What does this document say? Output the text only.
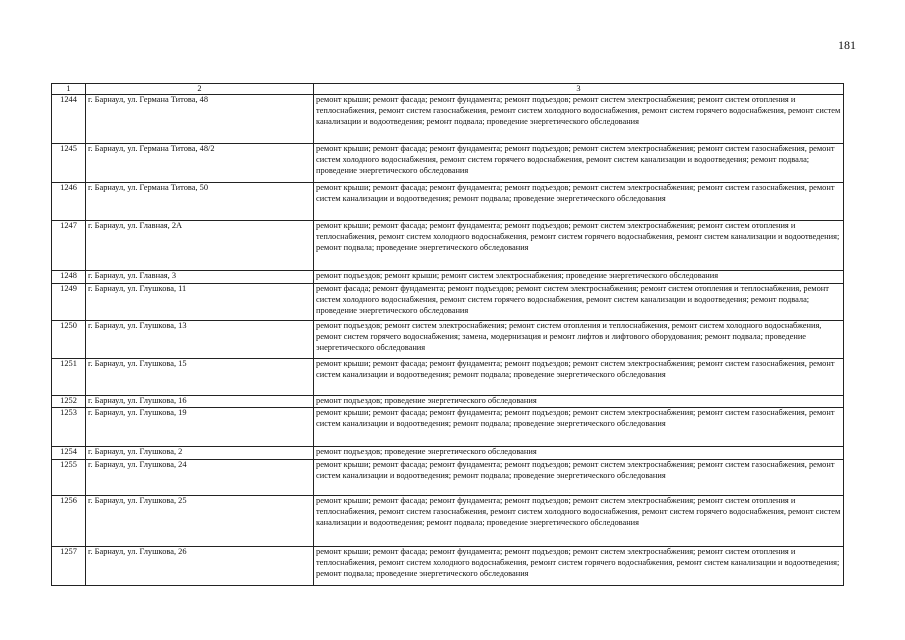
181
1	2	3
1244	г. Барнаул, ул. Германа Титова, 48	ремонт крыши; ремонт фасада; ремонт фундамента; ремонт подъездов; ремонт систем электроснабжения; ремонт систем отопления и теплоснабжения, ремонт систем газоснабжения, ремонт систем холодного водоснабжения, ремонт систем горячего водоснабжения, ремонт систем канализации и водоотведения; ремонт подвала; проведение энергетического обследования
1245	г. Барнаул, ул. Германа Титова, 48/2	ремонт крыши; ремонт фасада; ремонт фундамента; ремонт подъездов; ремонт систем электроснабжения; ремонт систем газоснабжения, ремонт систем холодного водоснабжения, ремонт систем горячего водоснабжения, ремонт систем канализации и водоотведения; ремонт подвала; проведение энергетического обследования
1246	г. Барнаул, ул. Германа Титова, 50	ремонт крыши; ремонт фасада; ремонт фундамента; ремонт подъездов; ремонт систем электроснабжения; ремонт систем газоснабжения, ремонт систем канализации и водоотведения; ремонт подвала; проведение энергетического обследования
1247	г. Барнаул, ул. Главная, 2А	ремонт крыши; ремонт фасада; ремонт фундамента; ремонт подъездов; ремонт систем электроснабжения; ремонт систем отопления и теплоснабжения, ремонт систем холодного водоснабжения, ремонт систем горячего водоснабжения, ремонт систем канализации и водоотведения; ремонт подвала; проведение энергетического обследования
1248	г. Барнаул, ул. Главная, 3	ремонт подъездов; ремонт крыши; ремонт систем электроснабжения; проведение энергетического обследования
1249	г. Барнаул, ул. Глушкова, 11	ремонт фасада; ремонт фундамента; ремонт подъездов; ремонт систем электроснабжения; ремонт систем отопления и теплоснабжения, ремонт систем холодного водоснабжения, ремонт систем горячего водоснабжения, ремонт систем канализации и водоотведения; ремонт подвала; проведение энергетического обследования
1250	г. Барнаул, ул. Глушкова, 13	ремонт подъездов; ремонт систем электроснабжения; ремонт систем отопления и теплоснабжения, ремонт систем холодного водоснабжения, ремонт систем горячего водоснабжения; замена, модернизация и ремонт лифтов и лифтового оборудования; ремонт подвала; проведение энергетического обследования
1251	г. Барнаул, ул. Глушкова, 15	ремонт крыши; ремонт фасада; ремонт фундамента; ремонт подъездов; ремонт систем электроснабжения; ремонт систем газоснабжения, ремонт систем канализации и водоотведения; ремонт подвала; проведение энергетического обследования
1252	г. Барнаул, ул. Глушкова, 16	ремонт подъездов; проведение энергетического обследования
1253	г. Барнаул, ул. Глушкова, 19	ремонт крыши; ремонт фасада; ремонт фундамента; ремонт подъездов; ремонт систем электроснабжения; ремонт систем газоснабжения, ремонт систем канализации и водоотведения; ремонт подвала; проведение энергетического обследования
1254	г. Барнаул, ул. Глушкова, 2	ремонт подъездов; проведение энергетического обследования
1255	г. Барнаул, ул. Глушкова, 24	ремонт крыши; ремонт фасада; ремонт фундамента; ремонт подъездов; ремонт систем электроснабжения; ремонт систем газоснабжения, ремонт систем канализации и водоотведения; ремонт подвала; проведение энергетического обследования
1256	г. Барнаул, ул. Глушкова, 25	ремонт крыши; ремонт фасада; ремонт фундамента; ремонт подъездов; ремонт систем электроснабжения; ремонт систем отопления и теплоснабжения, ремонт систем газоснабжения, ремонт систем холодного водоснабжения, ремонт систем горячего водоснабжения, ремонт систем канализации и водоотведения; ремонт подвала; проведение энергетического обследования
1257	г. Барнаул, ул. Глушкова, 26	ремонт крыши; ремонт фасада; ремонт фундамента; ремонт подъездов; ремонт систем электроснабжения; ремонт систем отопления и теплоснабжения, ремонт систем холодного водоснабжения, ремонт систем горячего водоснабжения, ремонт систем канализации и водоотведения; ремонт подвала; проведение энергетического обследования
